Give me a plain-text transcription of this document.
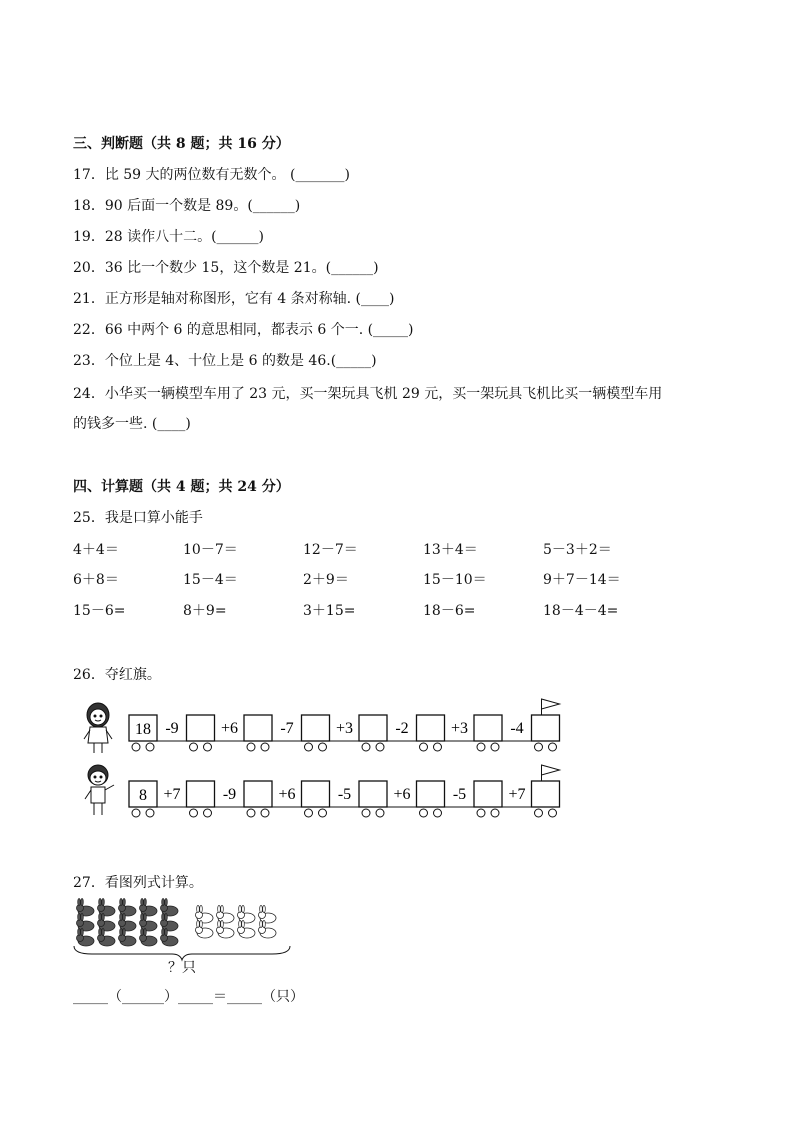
三、判断题（共 8 题；共 16 分）
17．比 59 大的两位数有无数个。 (_______)
18．90 后面一个数是 89。(______)
19．28 读作八十二。(______)
20．36 比一个数少 15，这个数是 21。(______)
21．正方形是轴对称图形，它有 4 条对称轴. (____)
22．66 中两个 6 的意思相同，都表示 6 个一. (_____)
23．个位上是 4、十位上是 6 的数是 46.(_____)
24．小华买一辆模型车用了 23 元，买一架玩具飞机 29 元，买一架玩具飞机比买一辆模型车用
的钱多一些. (____)
四、计算题（共 4 题；共 24 分）
25．我是口算小能手
4＋4＝	10－7＝	12－7＝	13＋4＝	5－3＋2＝
6＋8＝	15－4＝	2＋9＝	15－10＝	9＋7－14＝
15－6=	8＋9=	3＋15=	18－6=	18－4－4=
26．夺红旗。
18 -9	+6	-7	+3	-2	+3	-4
8 +7	-9	+6	-5	+6	-5	+7
27．看图列式计算。
？只
_____（______）_____＝_____（只）
